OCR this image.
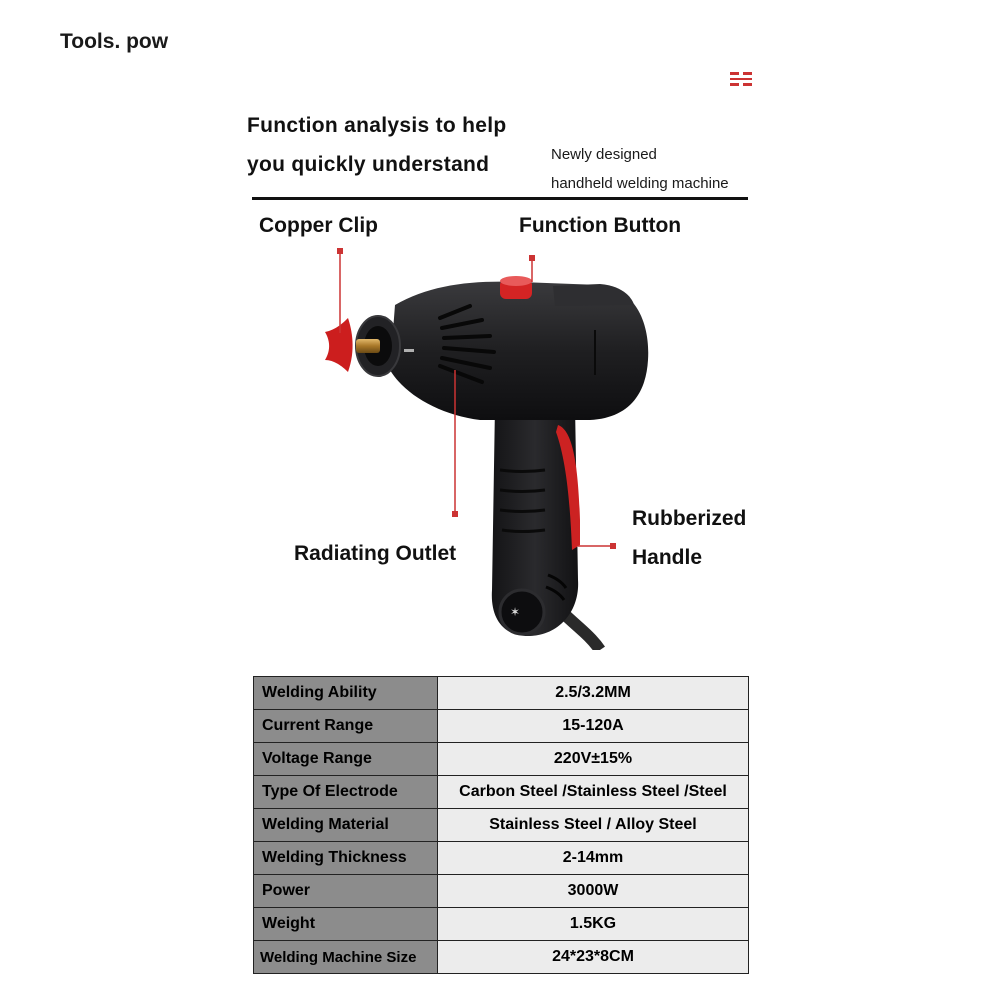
Tools. pow
Function analysis to help
you quickly understand	Newly designed
handheld welding machine
Copper Clip	Function Button
Radiating Outlet
Rubberized
Handle
✶
Welding Ability	2.5/3.2MM
Current Range	15-120A
Voltage Range	220V±15%
Type Of Electrode	Carbon Steel /Stainless Steel /Steel
Welding Material	Stainless Steel / Alloy Steel
Welding Thickness	2-14mm
Power	3000W
Weight	1.5KG
Welding Machine Size	24*23*8CM
